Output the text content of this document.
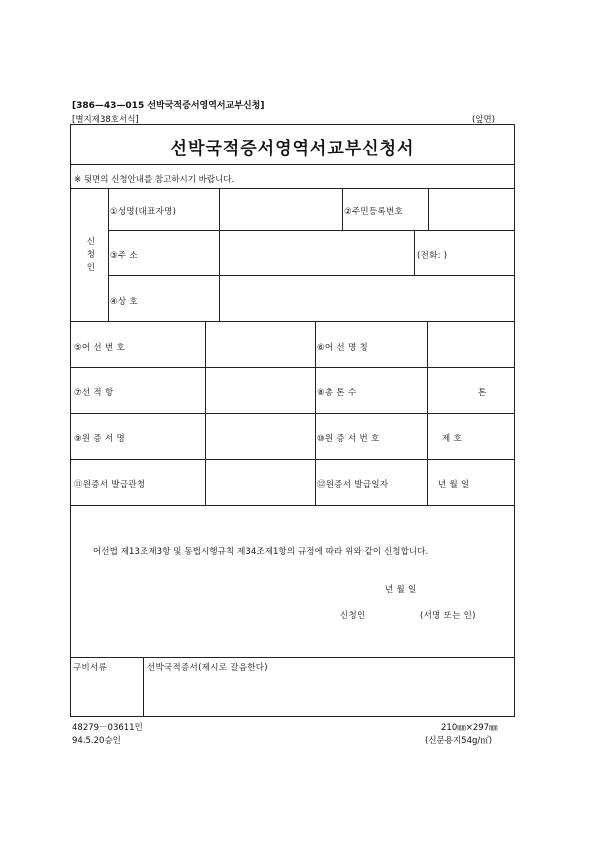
[386—43—015 선박국적증서영역서교부신청]
[별지제38호서식]	(앞면)
선박국적증서영역서교부신청서
※ 뒷면의 신청안내를 참고하시기 바랍니다.
신청인
①성명(대표자명)	②주민등록번호
③주 소	(전화: )
④상 호
⑤어 선 번 호	⑥어 선 명 칭
⑦선 적 항	⑧총 톤 수	톤
⑨원 증 서 명	⑩원 증 서 번 호	제 호
⑪원증서 발급관청	⑫원증서 발급일자	년 월 일
어선법 제13조제3항 및 동법시행규칙 제34조제1항의 규정에 따라 위와 같이 신청합니다.
년 월 일
신청인	(서명 또는 인)
구비서류	선박국적증서(제시로 갈음한다)
48279－03611민
94.5.20승인
210㎜×297㎜
(신문용지54g/㎡)
